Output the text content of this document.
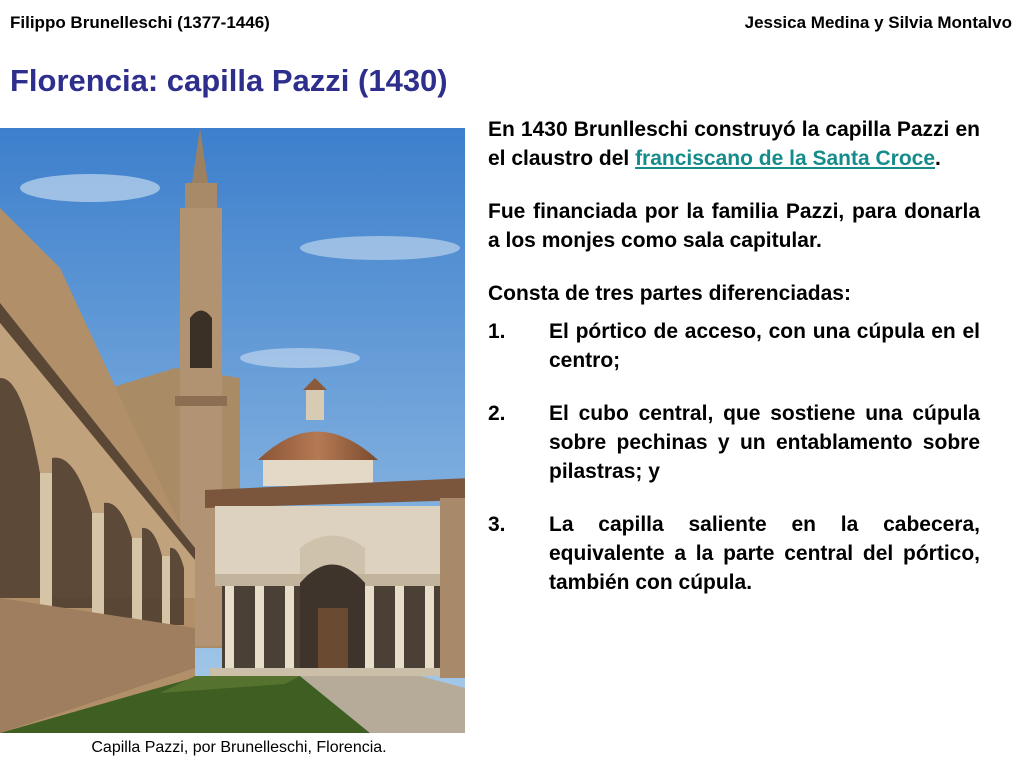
Filippo Brunelleschi (1377-1446)	Jessica Medina y Silvia Montalvo
Florencia: capilla Pazzi (1430)
Capilla Pazzi, por Brunelleschi, Florencia.

En 1430 Brunlleschi construyó la capilla Pazzi en el claustro del franciscano de la Santa Croce.

Fue financiada por la familia Pazzi, para donarla a los monjes como sala capitular.

Consta de tres partes diferenciadas:

1.	El pórtico de acceso, con una cúpula en el centro;
2.	El cubo central, que sostiene una cúpula sobre pechinas y un entablamento sobre pilastras; y
3.	La capilla saliente en la cabecera, equivalente a la parte central del pórtico, también con cúpula.
